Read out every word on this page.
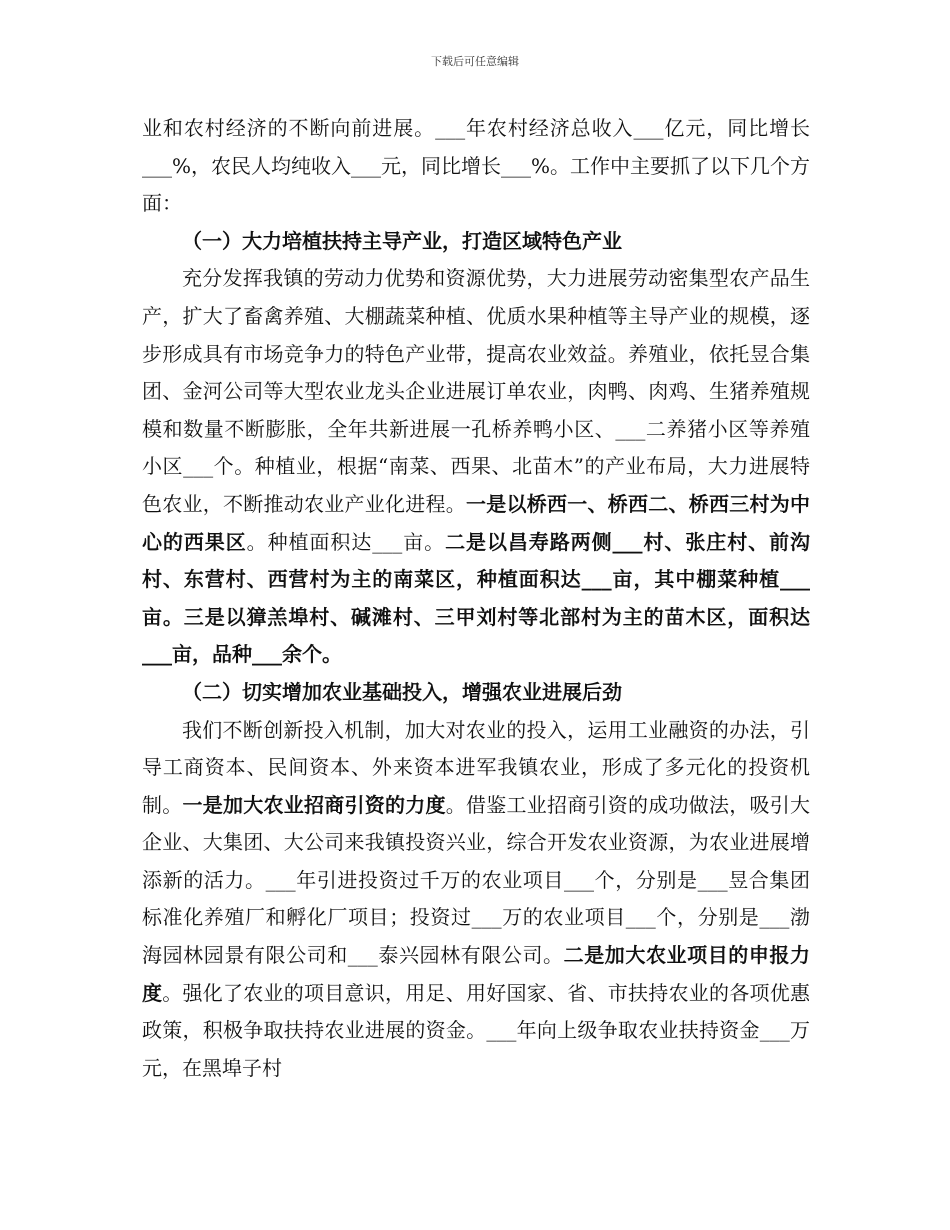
下载后可任意编辑

业和农村经济的不断向前进展。___年农村经济总收入___亿元，同比增长___%，农民人均纯收入___元，同比增长___%。工作中主要抓了以下几个方面：

（一）大力培植扶持主导产业，打造区域特色产业

充分发挥我镇的劳动力优势和资源优势，大力进展劳动密集型农产品生产，扩大了畜禽养殖、大棚蔬菜种植、优质水果种植等主导产业的规模，逐步形成具有市场竞争力的特色产业带，提高农业效益。养殖业，依托昱合集团、金河公司等大型农业龙头企业进展订单农业，肉鸭、肉鸡、生猪养殖规模和数量不断膨胀，全年共新进展一孔桥养鸭小区、___二养猪小区等养殖小区___个。种植业，根据“南菜、西果、北苗木”的产业布局，大力进展特色农业，不断推动农业产业化进程。一是以桥西一、桥西二、桥西三村为中心的西果区。种植面积达___亩。二是以昌寿路两侧___村、张庄村、前沟村、东营村、西营村为主的南菜区，种植面积达___亩，其中棚菜种植___亩。三是以獐羔埠村、碱滩村、三甲刘村等北部村为主的苗木区，面积达___亩，品种___余个。

（二）切实增加农业基础投入，增强农业进展后劲

我们不断创新投入机制，加大对农业的投入，运用工业融资的办法，引导工商资本、民间资本、外来资本进军我镇农业，形成了多元化的投资机制。一是加大农业招商引资的力度。借鉴工业招商引资的成功做法，吸引大企业、大集团、大公司来我镇投资兴业，综合开发农业资源，为农业进展增添新的活力。___年引进投资过千万的农业项目___个，分别是___昱合集团标准化养殖厂和孵化厂项目；投资过___万的农业项目___个，分别是___渤海园林园景有限公司和___泰兴园林有限公司。二是加大农业项目的申报力度。强化了农业的项目意识，用足、用好国家、省、市扶持农业的各项优惠政策，积极争取扶持农业进展的资金。___年向上级争取农业扶持资金___万元，在黑埠子村
